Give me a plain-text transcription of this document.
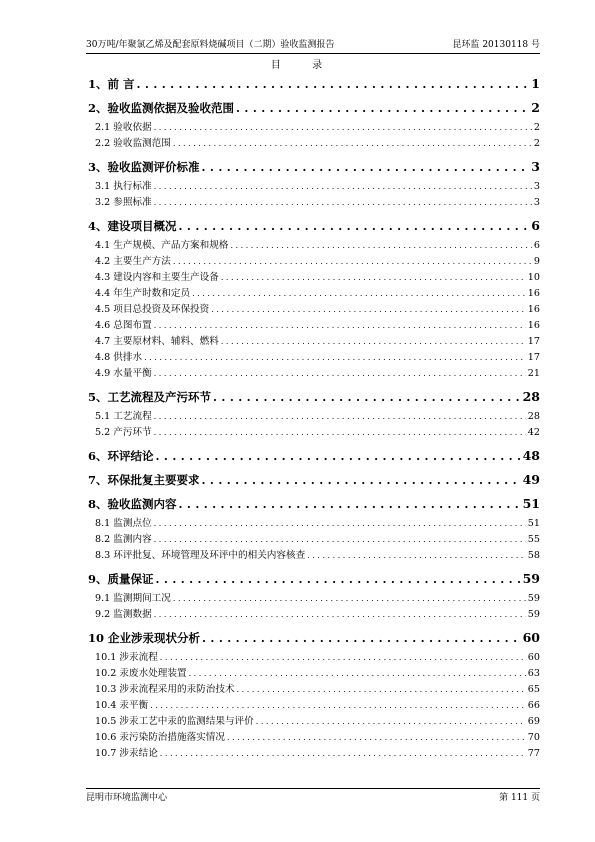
30万吨/年聚氯乙烯及配套原料烧碱项目（二期）验收监测报告	昆环监 20130118 号
目	录
1、前 言 . . .	1
2、验收监测依据及验收范围 . . .	2
2.1 验收依据 . . .	2
2.2 验收监测范围 . . .	2
3、验收监测评价标准 . . .	3
3.1 执行标准 . . .	3
3.2 参照标准 . . .	3
4、建设项目概况 . . .	6
4.1 生产规模、产品方案和规格 . . .	6
4.2 主要生产方法 . . .	9
4.3 建设内容和主要生产设备 . . .	10
4.4 年生产时数和定员 . . .	16
4.5 项目总投资及环保投资 . . .	16
4.6 总图布置 . . .	16
4.7 主要原材料、辅料、燃料 . . .	17
4.8 供排水 . . .	17
4.9 水量平衡 . . .	21
5、工艺流程及产污环节 . . .	28
5.1 工艺流程 . . .	28
5.2 产污环节 . . .	42
6、环评结论 . . .	48
7、环保批复主要要求 . . .	49
8、验收监测内容 . . .	51
8.1 监测点位 . . .	51
8.2 监测内容 . . .	55
8.3 环评批复、环境管理及环评中的相关内容核查 . . .	58
9、质量保证 . . .	59
9.1 监测期间工况 . . .	59
9.2 监测数据 . . .	59
10 企业涉汞现状分析 . . .	60
10.1 涉汞流程 . . .	60
10.2 汞废水处理装置 . . .	63
10.3 涉汞流程采用的汞防治技术 . . .	65
10.4 汞平衡 . . .	66
10.5 涉汞工艺中汞的监测结果与评价 . . .	69
10.6 汞污染防治措施落实情况 . . .	70
10.7 涉汞结论 . . .	77
昆明市环境监测中心	第 111 页
